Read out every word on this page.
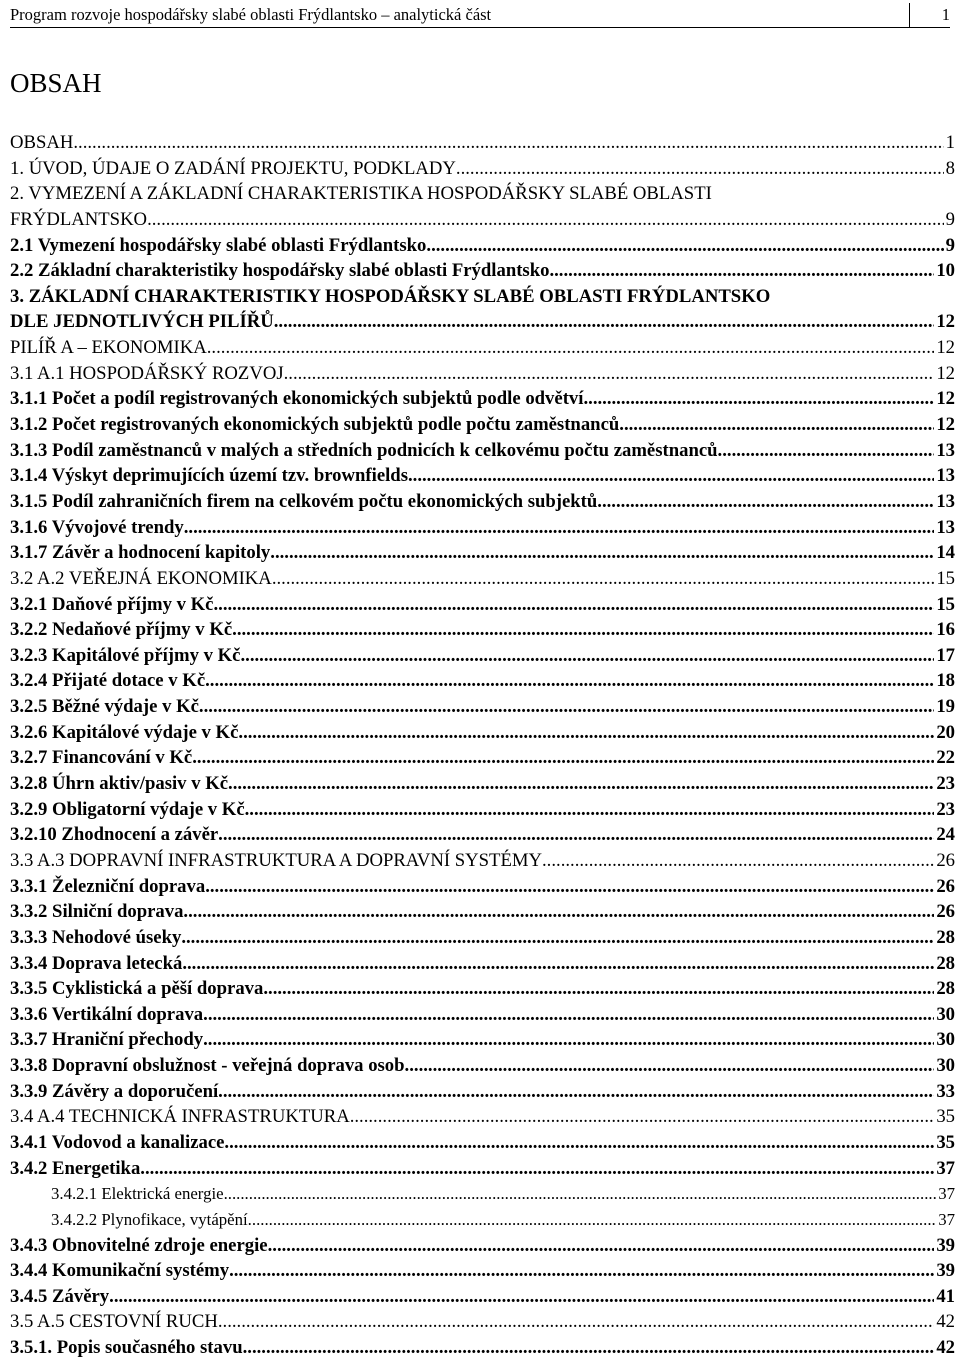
Program rozvoje hospodářsky slabé oblasti Frýdlantsko – analytická část	1
OBSAH
OBSAH .....	1
1. ÚVOD, ÚDAJE O ZADÁNÍ PROJEKTU, PODKLADY .....	8
2. VYMEZENÍ A ZÁKLADNÍ CHARAKTERISTIKA HOSPODÁŘSKY SLABÉ OBLASTI
FRÝDLANTSKO .....	9
2.1 Vymezení hospodářsky slabé oblasti Frýdlantsko .....	9
2.2 Základní charakteristiky hospodářsky slabé oblasti Frýdlantsko .....	10
3. ZÁKLADNÍ CHARAKTERISTIKY HOSPODÁŘSKY SLABÉ OBLASTI FRÝDLANTSKO
DLE JEDNOTLIVÝCH PILÍŘŮ .....	12
PILÍŘ A – EKONOMIKA .....	12
3.1 A.1 HOSPODÁŘSKÝ ROZVOJ .....	12
3.1.1 Počet a podíl registrovaných ekonomických subjektů podle odvětví .....	12
3.1.2 Počet registrovaných ekonomických subjektů podle počtu zaměstnanců .....	12
3.1.3 Podíl zaměstnanců v malých a středních podnicích k celkovému počtu zaměstnanců .....	13
3.1.4 Výskyt deprimujících území tzv. brownfields .....	13
3.1.5 Podíl zahraničních firem na celkovém počtu ekonomických subjektů .....	13
3.1.6 Vývojové trendy .....	13
3.1.7 Závěr a hodnocení kapitoly .....	14
3.2 A.2 VEŘEJNÁ EKONOMIKA .....	15
3.2.1 Daňové příjmy v Kč .....	15
3.2.2 Nedaňové příjmy v Kč .....	16
3.2.3 Kapitálové příjmy v Kč .....	17
3.2.4 Přijaté dotace v Kč .....	18
3.2.5 Běžné výdaje v Kč .....	19
3.2.6 Kapitálové výdaje v Kč .....	20
3.2.7 Financování v Kč .....	22
3.2.8 Úhrn aktiv/pasiv v Kč .....	23
3.2.9 Obligatorní výdaje v Kč .....	23
3.2.10 Zhodnocení a závěr .....	24
3.3 A.3 DOPRAVNÍ INFRASTRUKTURA A DOPRAVNÍ SYSTÉMY .....	26
3.3.1 Železniční doprava .....	26
3.3.2 Silniční doprava .....	26
3.3.3 Nehodové úseky .....	28
3.3.4 Doprava letecká .....	28
3.3.5 Cyklistická a pěší doprava .....	28
3.3.6 Vertikální doprava .....	30
3.3.7 Hraniční přechody .....	30
3.3.8 Dopravní obslužnost - veřejná doprava osob .....	30
3.3.9 Závěry a doporučení .....	33
3.4 A.4 TECHNICKÁ INFRASTRUKTURA .....	35
3.4.1 Vodovod a kanalizace .....	35
3.4.2 Energetika .....	37
3.4.2.1 Elektrická energie .....	37
3.4.2.2 Plynofikace, vytápění .....	37
3.4.3 Obnovitelné zdroje energie .....	39
3.4.4 Komunikační systémy .....	39
3.4.5 Závěry .....	41
3.5 A.5 CESTOVNÍ RUCH .....	42
3.5.1. Popis současného stavu .....	42
